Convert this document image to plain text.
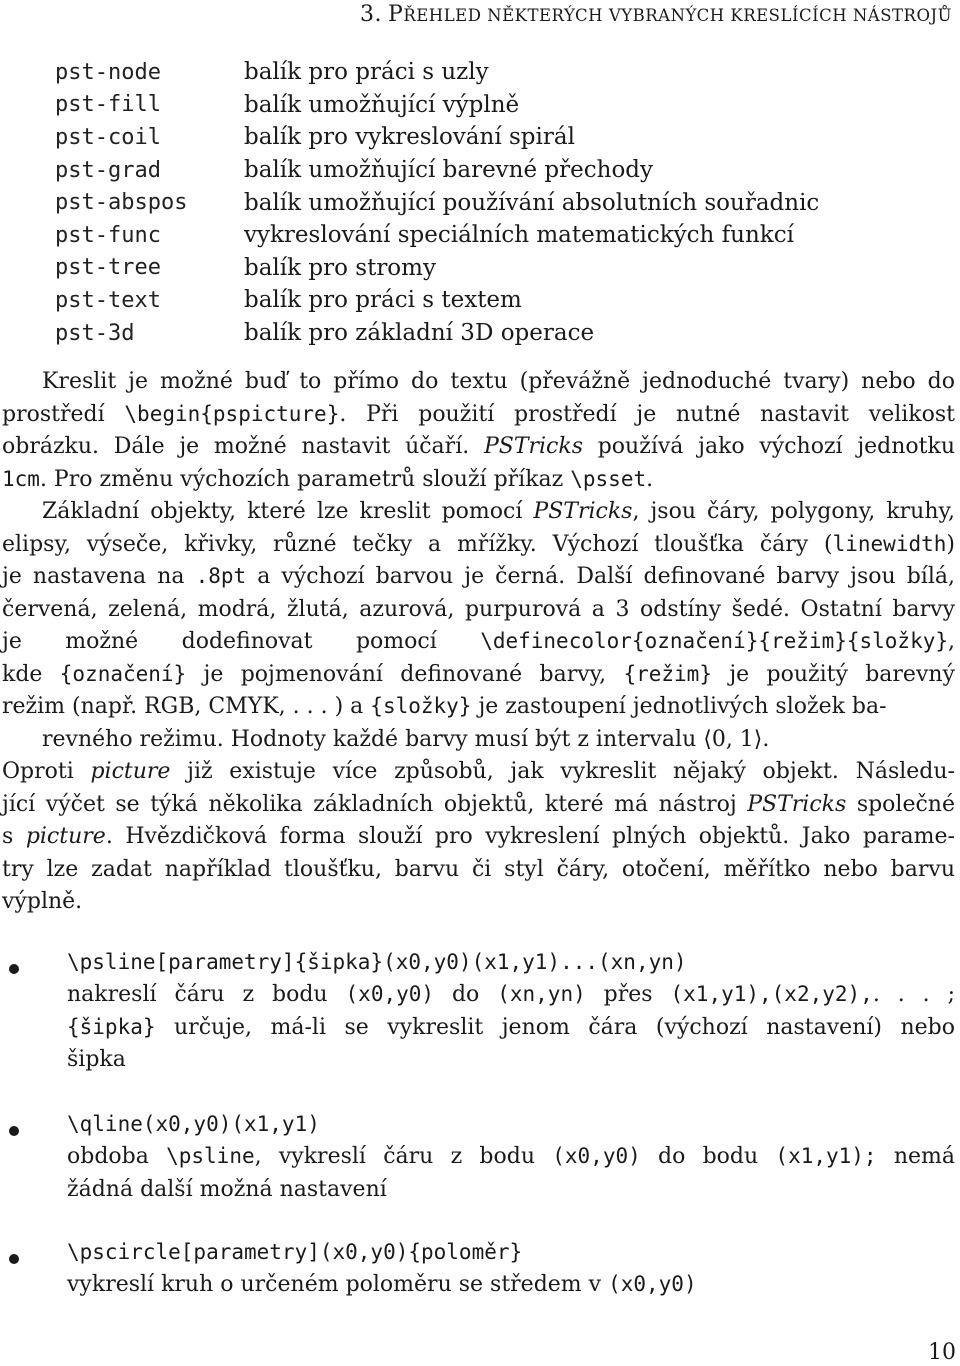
3. PŘEHLED NĚKTERÝCH VYBRANÝCH KRESLÍCÍCH NÁSTROJŮ
pst-node	balík pro práci s uzly
pst-fill	balík umožňující výplně
pst-coil	balík pro vykreslování spirál
pst-grad	balík umožňující barevné přechody
pst-abspos	balík umožňující používání absolutních souřadnic
pst-func	vykreslování speciálních matematických funkcí
pst-tree	balík pro stromy
pst-text	balík pro práci s textem
pst-3d	balík pro základní 3D operace
Kreslit je možné buď to přímo do textu (převážně jednoduché tvary) nebo do
prostředí \begin{pspicture}. Při použití prostředí je nutné nastavit velikost
obrázku. Dále je možné nastavit účaří. PSTricks používá jako výchozí jednotku
1cm. Pro změnu výchozích parametrů slouží příkaz \psset.
Základní objekty, které lze kreslit pomocí PSTricks, jsou čáry, polygony, kruhy,
elipsy, výseče, křivky, různé tečky a mřížky. Výchozí tloušťka čáry (linewidth)
je nastavena na .8pt a výchozí barvou je černá. Další definované barvy jsou bílá,
červená, zelená, modrá, žlutá, azurová, purpurová a 3 odstíny šedé. Ostatní barvy
je možné dodefinovat pomocí \definecolor{označení}{režim}{složky},
kde {označení} je pojmenování definované barvy, {režim} je použitý barevný
režim (např. RGB, CMYK, . . . ) a {složky} je zastoupení jednotlivých složek ba-
revného režimu. Hodnoty každé barvy musí být z intervalu ⟨0, 1⟩.
Oproti picture již existuje více způsobů, jak vykreslit nějaký objekt. Následu-
jící výčet se týká několika základních objektů, které má nástroj PSTricks společné
s picture. Hvězdičková forma slouží pro vykreslení plných objektů. Jako parame-
try lze zadat například tloušťku, barvu či styl čáry, otočení, měřítko nebo barvu
výplně.
\psline[parametry]{šipka}(x0,y0)(x1,y1)...(xn,yn)
nakreslí čáru z bodu (x0,y0) do (xn,yn) přes (x1,y1),(x2,y2),. . . ;
{šipka} určuje, má-li se vykreslit jenom čára (výchozí nastavení) nebo
šipka
\qline(x0,y0)(x1,y1)
obdoba \psline, vykreslí čáru z bodu (x0,y0) do bodu (x1,y1); nemá
žádná další možná nastavení
\pscircle[parametry](x0,y0){poloměr}
vykreslí kruh o určeném poloměru se středem v (x0,y0)
10
